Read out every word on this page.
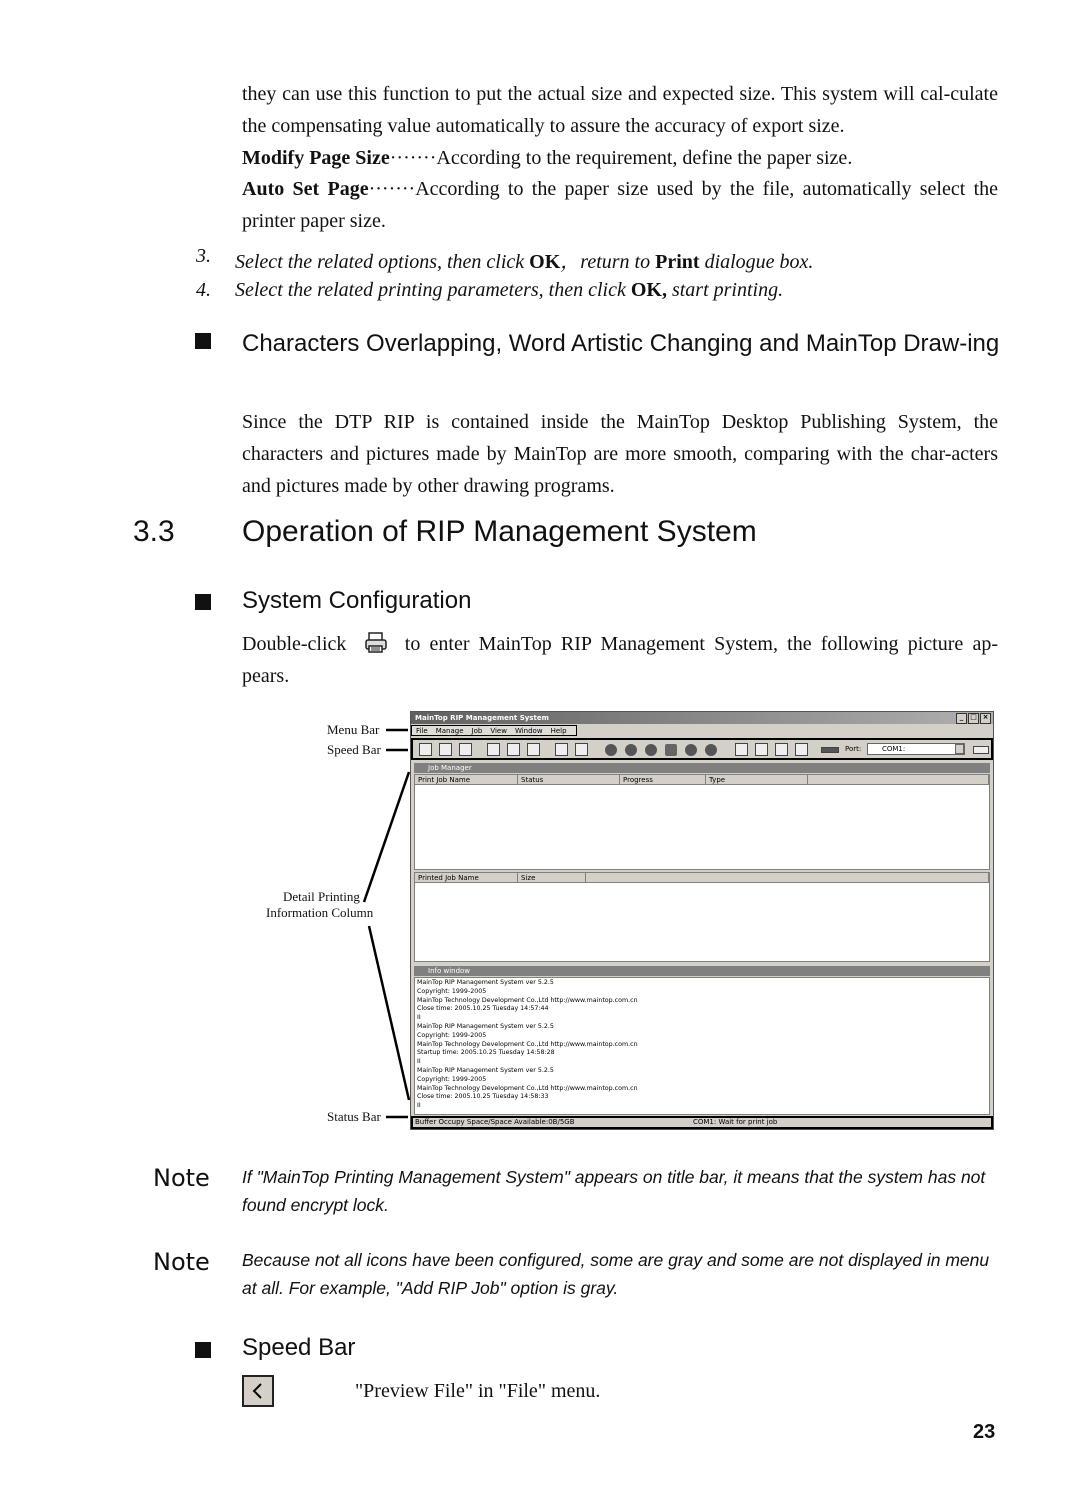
they can use this function to put the actual size and expected size. This system will cal-culate the compensating value automatically to assure the accuracy of export size.
Modify Page Size·······According to the requirement, define the paper size.
Auto Set Page·······According to the paper size used by the file, automatically select the printer paper size.
3. Select the related options, then click OK，return to Print dialogue box.
4. Select the related printing parameters, then click OK, start printing.
Characters Overlapping, Word Artistic Changing and MainTop Draw-ing
Since the DTP RIP is contained inside the MainTop Desktop Publishing System, the characters and pictures made by MainTop are more smooth, comparing with the char-acters and pictures made by other drawing programs.
3.3 Operation of RIP Management System
System Configuration
Double-click	to enter MainTop RIP Management System, the following picture ap-pears.
Menu Bar
Speed Bar
Detail Printing
Information Column
Status Bar
MainTop RIP Management System	_ □ ×
File Manage Job View Window Help
Port:	COM1:
Job Manager
Print Job Name	Status	Progress	Type
Printed Job Name	Size
Info window
MainTop RIP Management System ver 5.2.5
Copyright: 1999-2005
MainTop Technology Development Co.,Ltd http://www.maintop.com.cn
Close time: 2005.10.25 Tuesday 14:57:44
II
MainTop RIP Management System ver 5.2.5
Copyright: 1999-2005
MainTop Technology Development Co.,Ltd http://www.maintop.com.cn
Startup time: 2005.10.25 Tuesday 14:58:28
II
MainTop RIP Management System ver 5.2.5
Copyright: 1999-2005
MainTop Technology Development Co.,Ltd http://www.maintop.com.cn
Close time: 2005.10.25 Tuesday 14:58:33
II
Buffer Occupy Space/Space Available:0B/5GB	COM1: Wait for print job
Note If "MainTop Printing Management System" appears on title bar, it means that the system has not found encrypt lock.
Note Because not all icons have been configured, some are gray and some are not displayed in menu at all. For example, "Add RIP Job" option is gray.
Speed Bar
"Preview File" in "File" menu.
23
